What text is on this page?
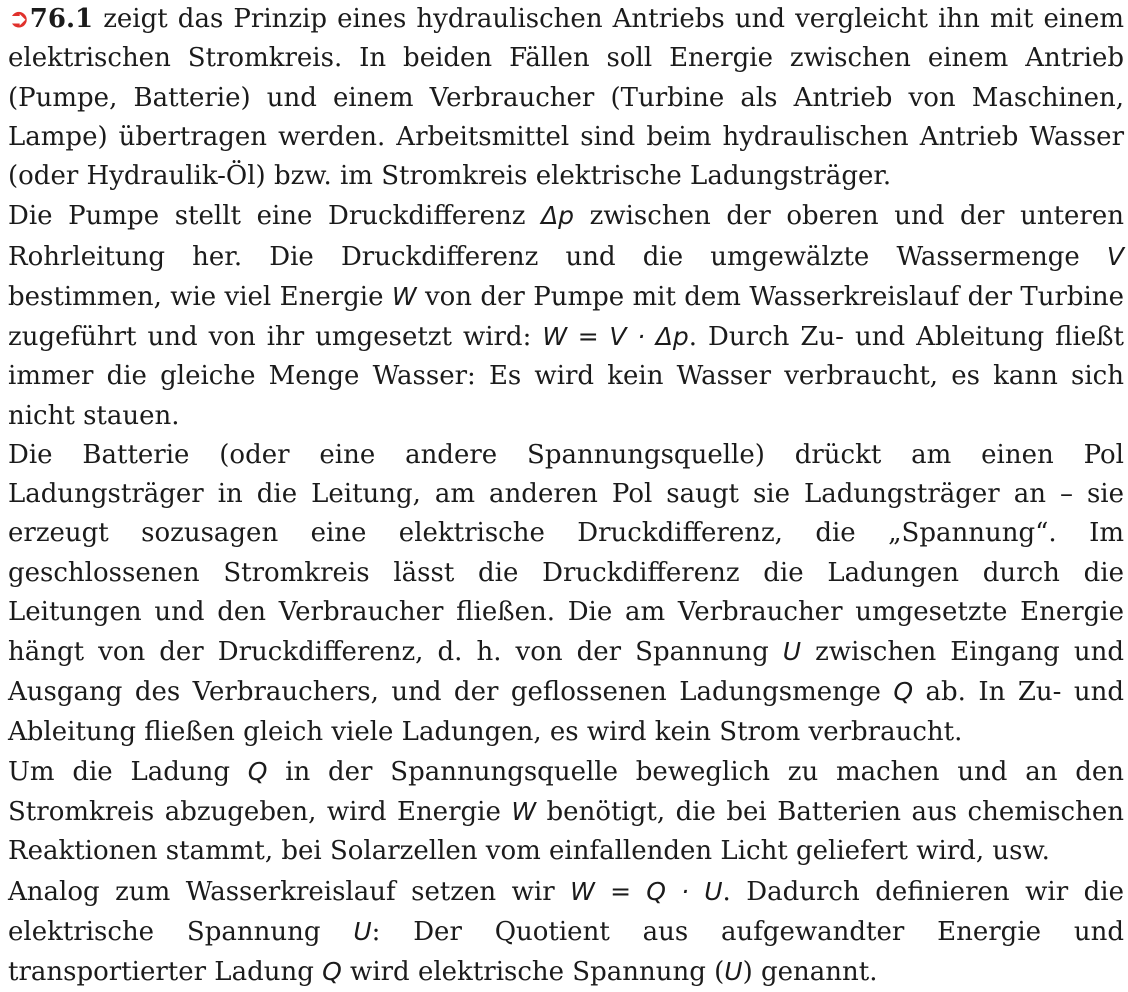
➲76.1 zeigt das Prinzip eines hydraulischen Antriebs und vergleicht ihn mit einem elektrischen Stromkreis. In beiden Fällen soll Energie zwischen einem Antrieb (Pumpe, Batterie) und einem Verbraucher (Turbine als Antrieb von Maschinen, Lampe) übertragen werden. Arbeitsmittel sind beim hydraulischen Antrieb Wasser (oder Hydraulik-Öl) bzw. im Stromkreis elektrische Ladungsträger.

Die Pumpe stellt eine Druckdifferenz Δp zwischen der oberen und der unteren Rohrleitung her. Die Druckdifferenz und die umgewälzte Wassermenge V bestimmen, wie viel Energie W von der Pumpe mit dem Wasserkreislauf der Turbine zugeführt und von ihr umgesetzt wird: W = V · Δp. Durch Zu- und Ableitung fließt immer die gleiche Menge Wasser: Es wird kein Wasser verbraucht, es kann sich nicht stauen.

Die Batterie (oder eine andere Spannungsquelle) drückt am einen Pol Ladungsträger in die Leitung, am anderen Pol saugt sie Ladungsträger an – sie erzeugt sozusagen eine elektrische Druckdifferenz, die „Spannung“. Im geschlossenen Stromkreis lässt die Druckdifferenz die Ladungen durch die Leitungen und den Verbraucher fließen. Die am Verbraucher umgesetzte Energie hängt von der Druckdifferenz, d. h. von der Spannung U zwischen Eingang und Ausgang des Verbrauchers, und der geflossenen Ladungsmenge Q ab. In Zu- und Ableitung fließen gleich viele Ladungen, es wird kein Strom verbraucht.

Um die Ladung Q in der Spannungsquelle beweglich zu machen und an den Stromkreis abzugeben, wird Energie W benötigt, die bei Batterien aus chemischen Reaktionen stammt, bei Solarzellen vom einfallenden Licht geliefert wird, usw.

Analog zum Wasserkreislauf setzen wir W = Q · U. Dadurch definieren wir die elektrische Spannung U: Der Quotient aus aufgewandter Energie und transportierter Ladung Q wird elektrische Spannung (U) genannt.
